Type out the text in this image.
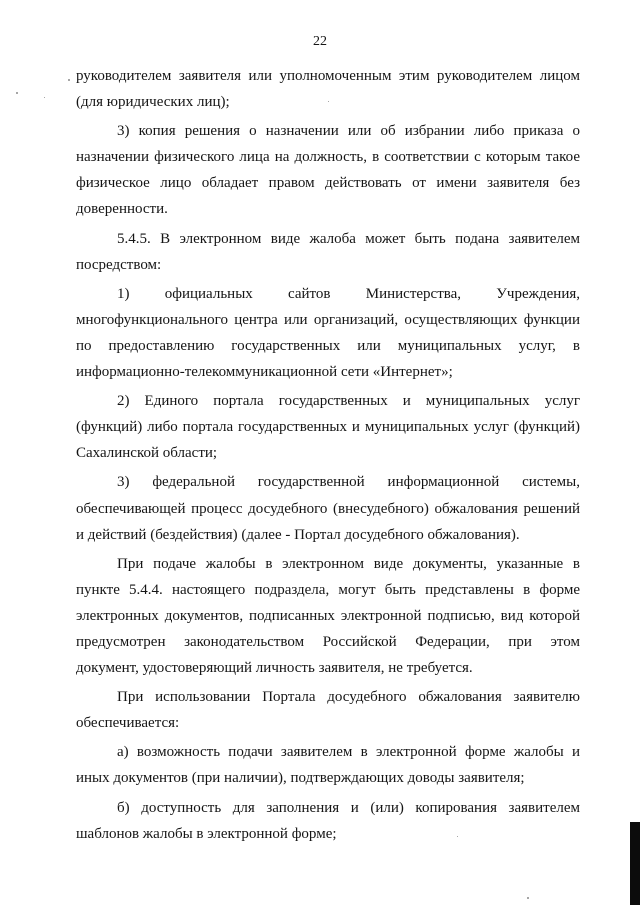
22

руководителем заявителя или уполномоченным этим руководителем лицом
(для юридических лиц);

3) копия решения о назначении или об избрании либо приказа о
назначении физического лица на должность, в соответствии с которым такое
физическое лицо обладает правом действовать от имени заявителя без
доверенности.

5.4.5. В электронном виде жалоба может быть подана заявителем
посредством:

1) официальных сайтов Министерства, Учреждения,
многофункционального центра или организаций, осуществляющих функции
по предоставлению государственных или муниципальных услуг, в
информационно-телекоммуникационной сети «Интернет»;

2) Единого портала государственных и муниципальных услуг
(функций) либо портала государственных и муниципальных услуг (функций)
Сахалинской области;

3) федеральной государственной информационной системы,
обеспечивающей процесс досудебного (внесудебного) обжалования решений
и действий (бездействия) (далее - Портал досудебного обжалования).

При подаче жалобы в электронном виде документы, указанные в
пункте 5.4.4. настоящего подраздела, могут быть представлены в форме
электронных документов, подписанных электронной подписью, вид которой
предусмотрен законодательством Российской Федерации, при этом
документ, удостоверяющий личность заявителя, не требуется.

При использовании Портала досудебного обжалования заявителю
обеспечивается:

а) возможность подачи заявителем в электронной форме жалобы и
иных документов (при наличии), подтверждающих доводы заявителя;

б) доступность для заполнения и (или) копирования заявителем
шаблонов жалобы в электронной форме;
